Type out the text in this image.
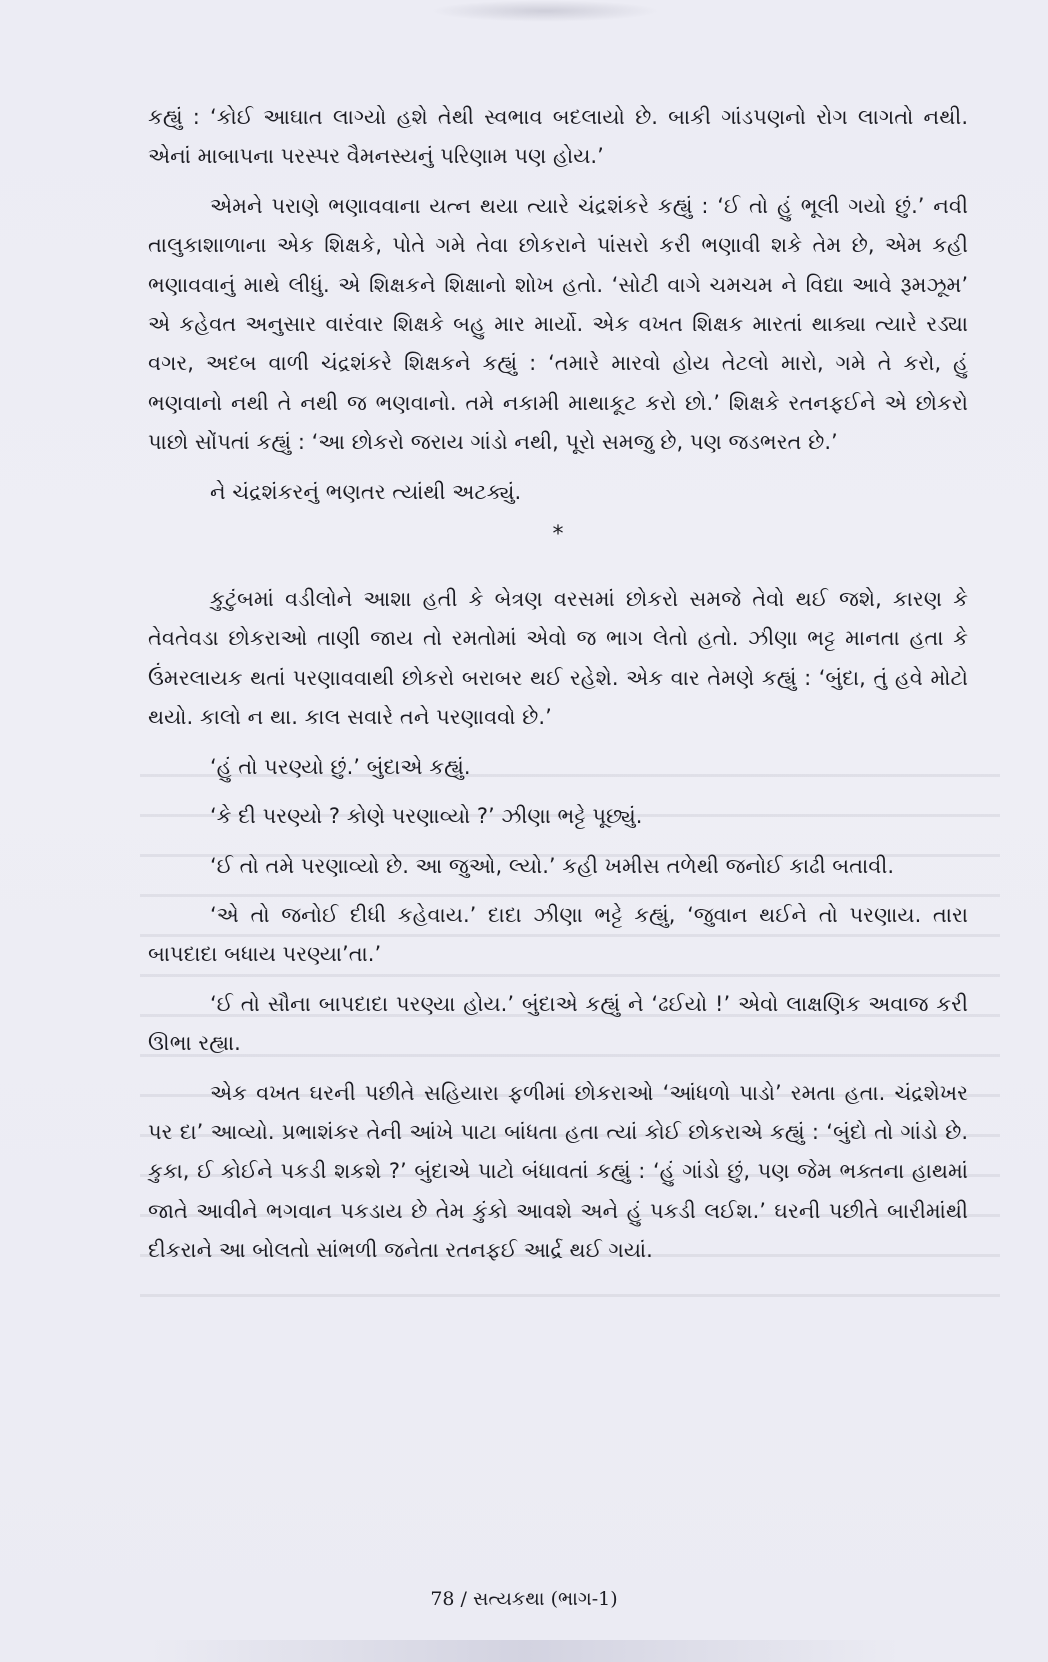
કહ્યું : ‘કોઈ આઘાત લાગ્યો હશે તેથી સ્વભાવ બદલાયો છે. બાકી ગાંડપણનો રોગ લાગતો નથી. એનાં માબાપના પરસ્પર વૈમનસ્યનું પરિણામ પણ હોય.’

એમને પરાણે ભણાવવાના યત્ન થયા ત્યારે ચંદ્રશંકરે કહ્યું : ‘ઈ તો હું ભૂલી ગયો છું.’ નવી તાલુકાશાળાના એક શિક્ષકે, પોતે ગમે તેવા છોકરાને પાંસરો કરી ભણાવી શકે તેમ છે, એમ કહી ભણાવવાનું માથે લીધું. એ શિક્ષકને શિક્ષાનો શોખ હતો. ‘સોટી વાગે ચમચમ ને વિદ્યા આવે રૂમઝૂમ’ એ કહેવત અનુસાર વારંવાર શિક્ષકે બહુ માર માર્યો. એક વખત શિક્ષક મારતાં થાક્યા ત્યારે રડ્યા વગર, અદબ વાળી ચંદ્રશંકરે શિક્ષકને કહ્યું : ‘તમારે મારવો હોય તેટલો મારો, ગમે તે કરો, હું ભણવાનો નથી તે નથી જ ભણવાનો. તમે નકામી માથાકૂટ કરો છો.’ શિક્ષકે રતનફઈને એ છોકરો પાછો સોંપતાં કહ્યું : ‘આ છોકરો જરાય ગાંડો નથી, પૂરો સમજુ છે, પણ જડભરત છે.’

ને ચંદ્રશંકરનું ભણતર ત્યાંથી અટક્યું.

*

કુટુંબમાં વડીલોને આશા હતી કે બેત્રણ વરસમાં છોકરો સમજે તેવો થઈ જશે, કારણ કે તેવતેવડા છોકરાઓ તાણી જાય તો રમતોમાં એવો જ ભાગ લેતો હતો. ઝીણા ભટ્ટ માનતા હતા કે ઉંમરલાયક થતાં પરણાવવાથી છોકરો બરાબર થઈ રહેશે. એક વાર તેમણે કહ્યું : ‘બુંદા, તું હવે મોટો થયો. કાલો ન થા. કાલ સવારે તને પરણાવવો છે.’

‘હું તો પરણ્યો છું.’ બુંદાએ કહ્યું.

‘કે દી પરણ્યો ? કોણે પરણાવ્યો ?’ ઝીણા ભટ્ટે પૂછ્યું.

‘ઈ તો તમે પરણાવ્યો છે. આ જુઓ, લ્યો.’ કહી ખમીસ તળેથી જનોઈ કાઢી બતાવી.

‘એ તો જનોઈ દીધી કહેવાય.’ દાદા ઝીણા ભટ્ટે કહ્યું, ‘જુવાન થઈને તો પરણાય. તારા બાપદાદા બધાય પરણ્યા’તા.’

‘ઈ તો સૌના બાપદાદા પરણ્યા હોય.’ બુંદાએ કહ્યું ને ‘ઢઈયો !’ એવો લાક્ષણિક અવાજ કરી ઊભા રહ્યા.

એક વખત ઘરની પછીતે સહિયારા ફળીમાં છોકરાઓ ‘આંધળો પાડો’ રમતા હતા. ચંદ્રશેખર પર દા’ આવ્યો. પ્રભાશંકર તેની આંખે પાટા બાંધતા હતા ત્યાં કોઈ છોકરાએ કહ્યું : ‘બુંદો તો ગાંડો છે. કુકા, ઈ કોઈને પકડી શકશે ?’ બુંદાએ પાટો બંધાવતાં કહ્યું : ‘હું ગાંડો છું, પણ જેમ ભક્તના હાથમાં જાતે આવીને ભગવાન પકડાય છે તેમ કુંકો આવશે અને હું પકડી લઈશ.’ ઘરની પછીતે બારીમાંથી દીકરાને આ બોલતો સાંભળી જનેતા રતનફઈ આર્દ્ર થઈ ગયાં.

78 / સત્યકથા (ભાગ-1)
